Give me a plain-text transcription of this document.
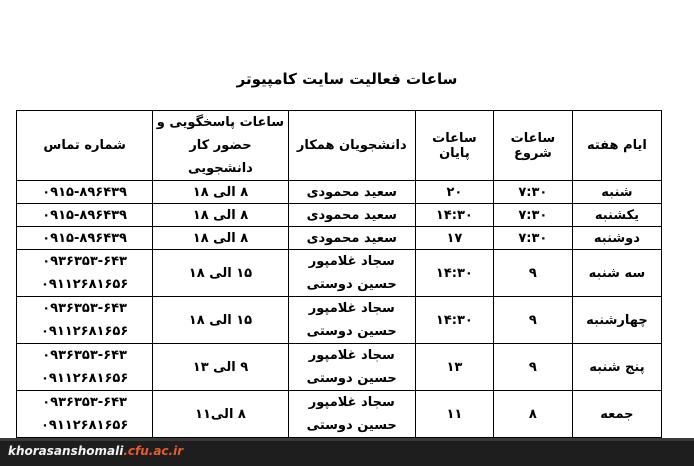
ساعات فعالیت سایت کامپیوتر
ایام هفته	ساعات شروع	ساعات پایان	دانشجویان همکار	ساعات پاسخگویی و
حضور کار دانشجویی	شماره تماس
شنبه	۷:۳۰	۲۰	سعید محمودی	۸ الی ۱۸	۰۹۱۵-۸۹۶۴۳۹
یکشنبه	۷:۳۰	۱۴:۳۰	سعید محمودی	۸ الی ۱۸	۰۹۱۵-۸۹۶۴۳۹
دوشنبه	۷:۳۰	۱۷	سعید محمودی	۸ الی ۱۸	۰۹۱۵-۸۹۶۴۳۹
سه شنبه	۹	۱۴:۳۰	سجاد غلامپور
حسین دوستی	۱۵ الی ۱۸	۰۹۳۶۳۵۳-۶۴۳
۰۹۱۱۲۶۸۱۶۵۶

چهارشنبه	۹	۱۴:۳۰	سجاد غلامپور
حسین دوستی	۱۵ الی ۱۸	۰۹۳۶۳۵۳-۶۴۳
۰۹۱۱۲۶۸۱۶۵۶

پنج شنبه	۹	۱۳	سجاد غلامپور
حسین دوستی	۹ الی ۱۳	۰۹۳۶۳۵۳-۶۴۳
۰۹۱۱۲۶۸۱۶۵۶

جمعه	۸	۱۱	سجاد غلامپور
حسین دوستی	۸ الی۱۱	۰۹۳۶۳۵۳-۶۴۳
۰۹۱۱۲۶۸۱۶۵۶
khorasanshomali.cfu.ac.ir
